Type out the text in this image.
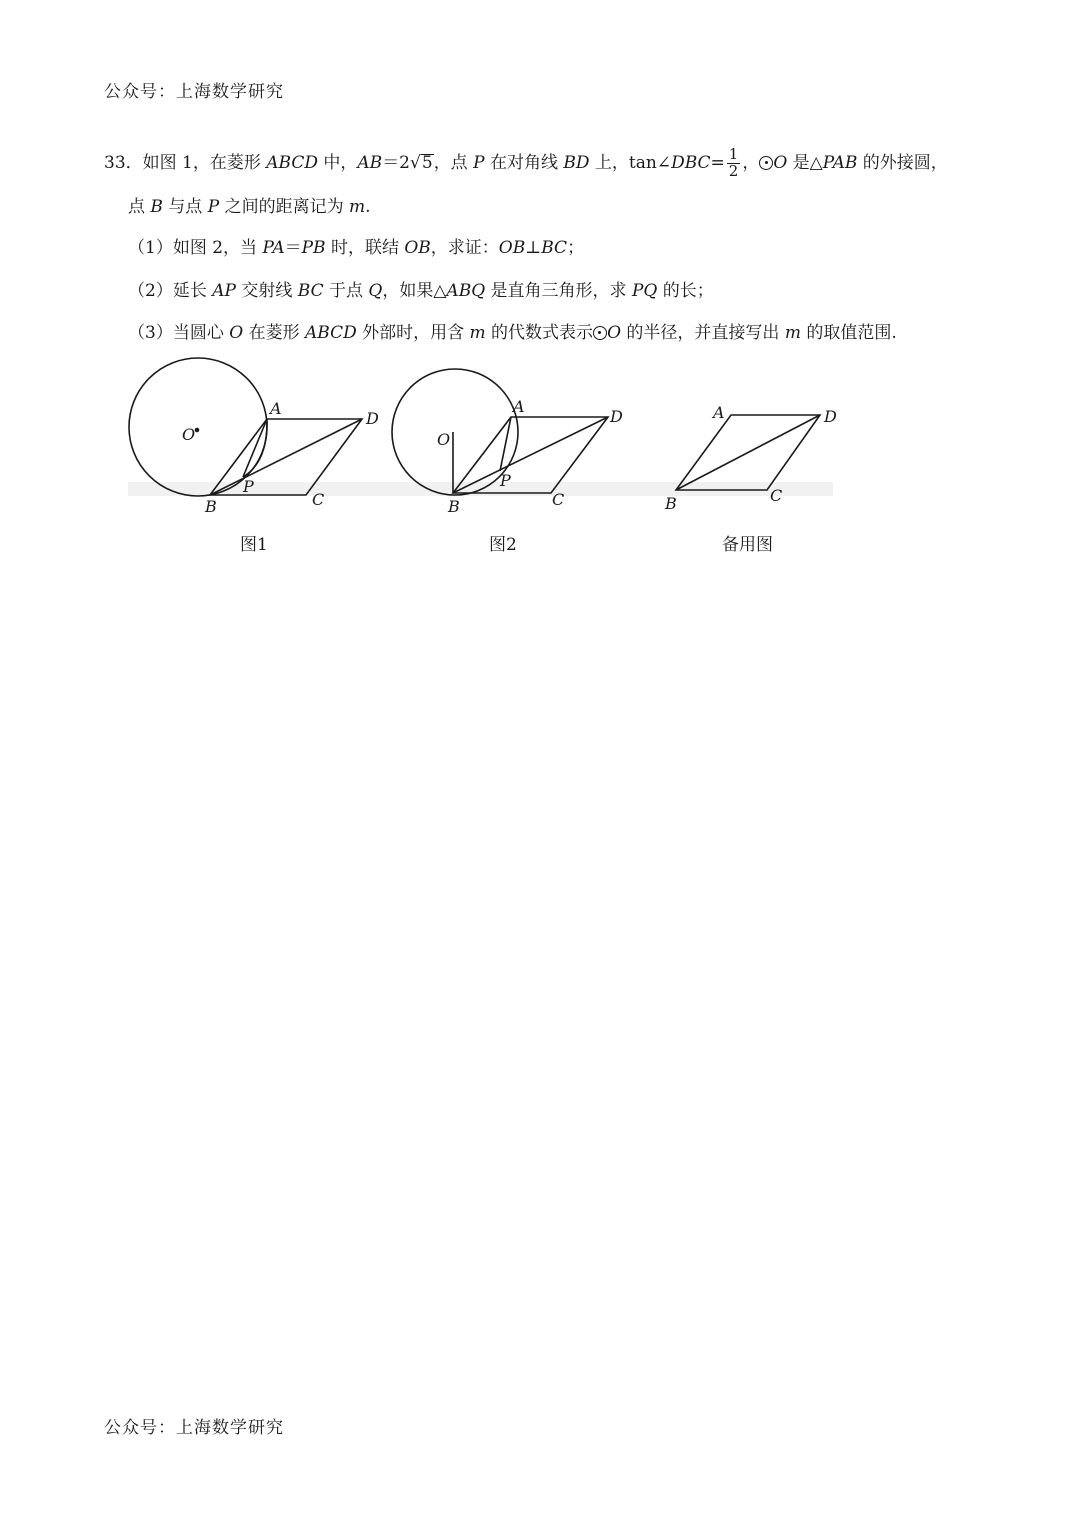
公众号：上海数学研究
33．如图 1，在菱形 ABCD 中，AB＝2√5，点 P 在对角线 BD 上，tan∠DBC= $\frac{1}{2}$ ， O 是△PAB 的外接圆，
点 B 与点 P 之间的距离记为 m.
（1）如图 2，当 PA＝PB 时，联结 OB，求证：OB⊥BC；
（2）延长 AP 交射线 BC 于点 Q，如果△ABQ 是直角三角形，求 PQ 的长；
（3）当圆心 O 在菱形 ABCD 外部时，用含 m 的代数式表示 O 的半径，并直接写出 m 的取值范围.
O
A
D
B	C
P
O
A
D
B	C
P
A	D
B	C
图1	图2	备用图
公众号：上海数学研究
